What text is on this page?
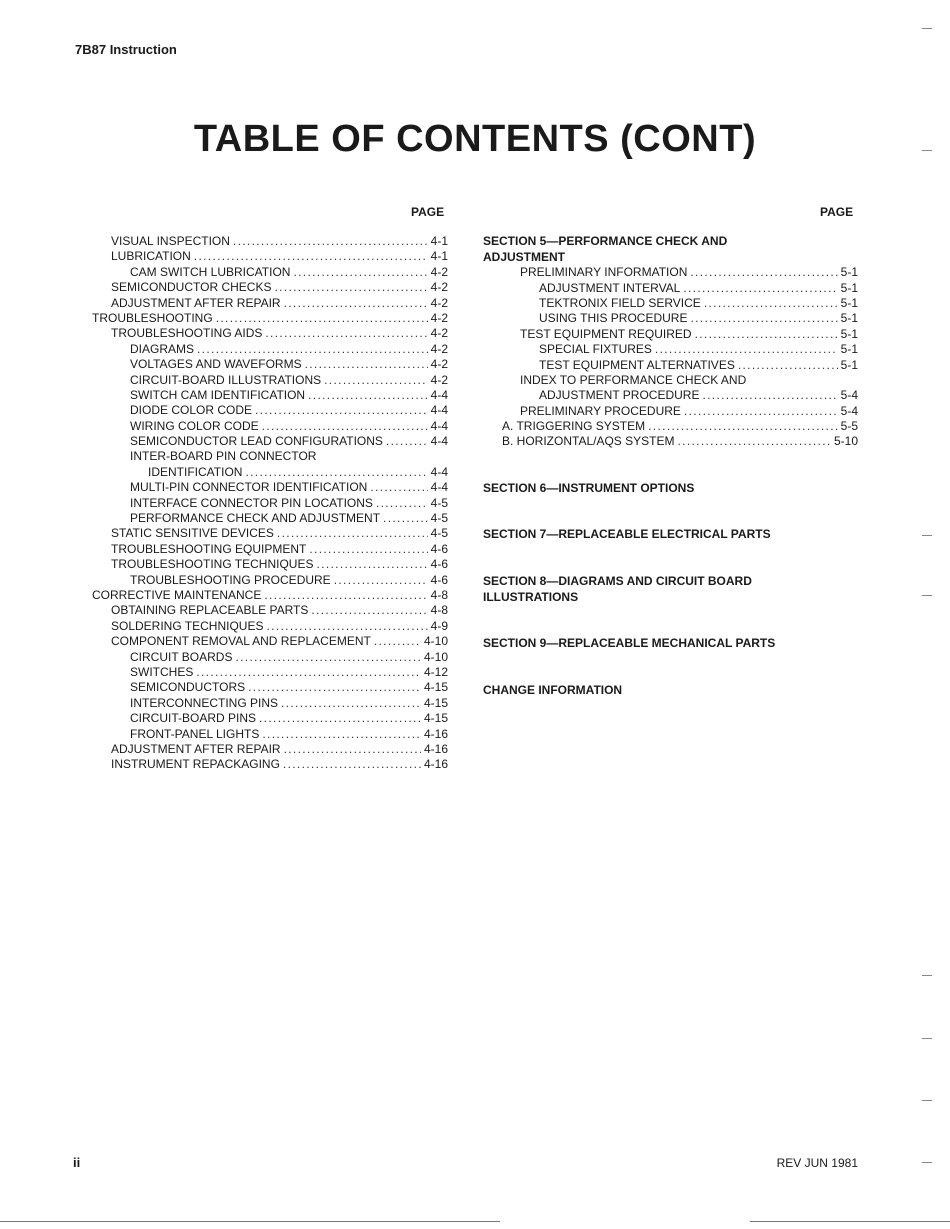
7B87 Instruction
TABLE OF CONTENTS (CONT)
PAGE	PAGE
VISUAL INSPECTION . . .	4-1
LUBRICATION . . .	4-1
CAM SWITCH LUBRICATION . . .	4-2
SEMICONDUCTOR CHECKS . . .	4-2
ADJUSTMENT AFTER REPAIR . . .	4-2
TROUBLESHOOTING . . .	4-2
TROUBLESHOOTING AIDS . . .	4-2
DIAGRAMS . . .	4-2
VOLTAGES AND WAVEFORMS . . .	4-2
CIRCUIT-BOARD ILLUSTRATIONS . . .	4-2
SWITCH CAM IDENTIFICATION . . .	4-4
DIODE COLOR CODE . . .	4-4
WIRING COLOR CODE . . .	4-4
SEMICONDUCTOR LEAD CONFIGURATIONS . . .	4-4
INTER-BOARD PIN CONNECTOR
IDENTIFICATION . . .	4-4
MULTI-PIN CONNECTOR IDENTIFICATION . . .	4-4
INTERFACE CONNECTOR PIN LOCATIONS . . .	4-5
PERFORMANCE CHECK AND ADJUSTMENT . . .	4-5
STATIC SENSITIVE DEVICES . . .	4-5
TROUBLESHOOTING EQUIPMENT . . .	4-6
TROUBLESHOOTING TECHNIQUES . . .	4-6
TROUBLESHOOTING PROCEDURE . . .	4-6
CORRECTIVE MAINTENANCE . . .	4-8
OBTAINING REPLACEABLE PARTS . . .	4-8
SOLDERING TECHNIQUES . . .	4-9
COMPONENT REMOVAL AND REPLACEMENT . . .	4-10
CIRCUIT BOARDS . . .	4-10
SWITCHES . . .	4-12
SEMICONDUCTORS . . .	4-15
INTERCONNECTING PINS . . .	4-15
CIRCUIT-BOARD PINS . . .	4-15
FRONT-PANEL LIGHTS . . .	4-16
ADJUSTMENT AFTER REPAIR . . .	4-16
INSTRUMENT REPACKAGING . . .	4-16
SECTION 5—PERFORMANCE CHECK AND
ADJUSTMENT
PRELIMINARY INFORMATION . . .	5-1
ADJUSTMENT INTERVAL . . .	5-1
TEKTRONIX FIELD SERVICE . . .	5-1
USING THIS PROCEDURE . . .	5-1
TEST EQUIPMENT REQUIRED . . .	5-1
SPECIAL FIXTURES . . .	5-1
TEST EQUIPMENT ALTERNATIVES . . .	5-1
INDEX TO PERFORMANCE CHECK AND
ADJUSTMENT PROCEDURE . . .	5-4
PRELIMINARY PROCEDURE . . .	5-4
A. TRIGGERING SYSTEM . . .	5-5
B. HORIZONTAL/AQS SYSTEM . . .	5-10
SECTION 6—INSTRUMENT OPTIONS
SECTION 7—REPLACEABLE ELECTRICAL PARTS
SECTION 8—DIAGRAMS AND CIRCUIT BOARD
ILLUSTRATIONS
SECTION 9—REPLACEABLE MECHANICAL PARTS
CHANGE INFORMATION
ii	REV JUN 1981
